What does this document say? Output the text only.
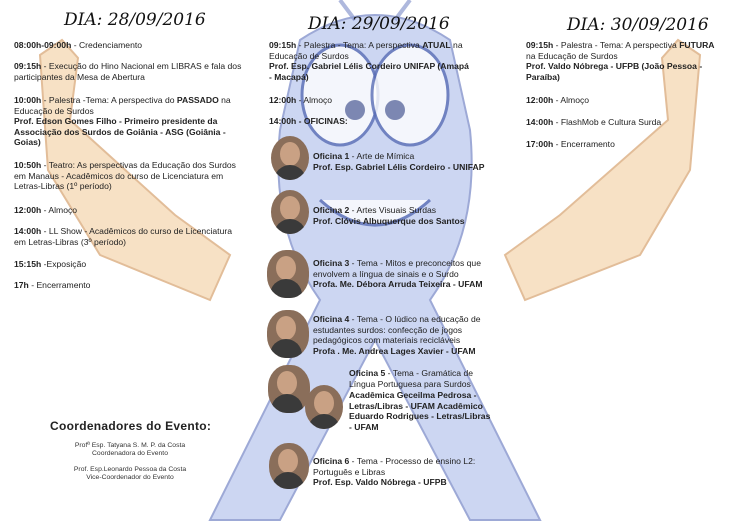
DIA: 28/09/2016
08:00h-09:00h - Credenciamento
09:15h - Execução do Hino Nacional em LIBRAS e fala dos participantes da Mesa de Abertura
10:00h - Palestra -Tema: A perspectiva do PASSADO na Educação de Surdos
Prof. Edson Gomes Filho - Primeiro presidente da Associação dos Surdos de Goiânia - ASG (Goiânia - Goias)
10:50h - Teatro: As perspectivas da Educação dos Surdos em Manaus - Acadêmicos do curso de Licenciatura em Letras-Libras (1º período)
12:00h - Almoço
14:00h - LL Show - Acadêmicos do curso de Licenciatura em Letras-Libras (3º período)
15:15h -Exposição
17h - Encerramento
DIA: 29/09/2016
09:15h - Palestra - Tema: A perspectiva ATUAL na Educação de Surdos
Prof. Esp. Gabriel Lélis Cordeiro UNIFAP (Amapá - Macapá)
12:00h - Almoço
14:00h - OFICINAS:
Oficina 1 - Arte de Mímica
Prof. Esp. Gabriel Lélis Cordeiro - UNIFAP
Oficina 2 - Artes Visuais Surdas
Prof. Clóvis Albuquerque dos Santos
Oficina 3 - Tema - Mitos e preconceitos que envolvem a língua de sinais e o Surdo
Profa. Me. Débora Arruda Teixeira - UFAM
Oficina 4 - Tema - O lúdico na educação de estudantes surdos: confecção de jogos pedagógicos com materiais recicláveis
Profa . Me. Andrea Lages Xavier - UFAM
Oficina 5 - Tema - Gramática de Língua Portuguesa para Surdos
Acadêmica Geceilma Pedrosa - Letras/Libras - UFAM Acadêmico Eduardo Rodrigues - Letras/Libras - UFAM
Oficina 6 - Tema - Processo de ensino L2: Português e Libras
Prof. Esp. Valdo Nóbrega - UFPB
DIA: 30/09/2016
09:15h - Palestra - Tema: A perspectiva FUTURA na Educação de Surdos
Prof. Valdo Nóbrega - UFPB (João Pessoa - Paraíba)
12:00h - Almoço
14:00h - FlashMob e Cultura Surda
17:00h - Encerramento
Coordenadores do Evento:
Profª Esp. Tatyana S. M. P. da Costa
Coordenadora do Evento
Prof. Esp.Leonardo Pessoa da Costa
Vice-Coordenador do Evento
